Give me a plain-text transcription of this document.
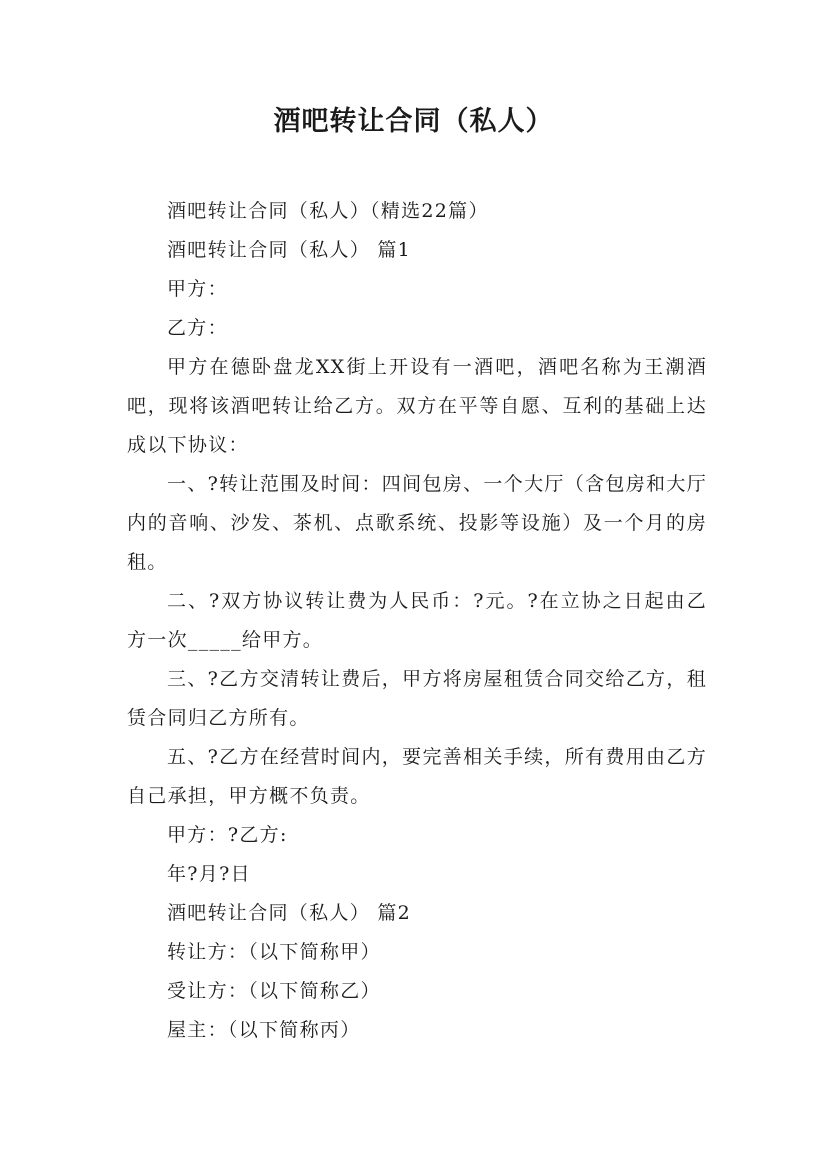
酒吧转让合同（私人）

酒吧转让合同（私人）（精选22篇）

酒吧转让合同（私人） 篇1

甲方：

乙方：

甲方在德卧盘龙XX街上开设有一酒吧，酒吧名称为王潮酒吧，现将该酒吧转让给乙方。双方在平等自愿、互利的基础上达成以下协议：

一、?转让范围及时间：四间包房、一个大厅（含包房和大厅内的音响、沙发、茶机、点歌系统、投影等设施）及一个月的房租。

二、?双方协议转让费为人民币：?元。?在立协之日起由乙方一次_____给甲方。

三、?乙方交清转让费后，甲方将房屋租赁合同交给乙方，租赁合同归乙方所有。

五、?乙方在经营时间内，要完善相关手续，所有费用由乙方自己承担，甲方概不负责。

甲方：?乙方:

年?月?日

酒吧转让合同（私人） 篇2

转让方：（以下简称甲）

受让方：（以下简称乙）

屋主：（以下简称丙）
